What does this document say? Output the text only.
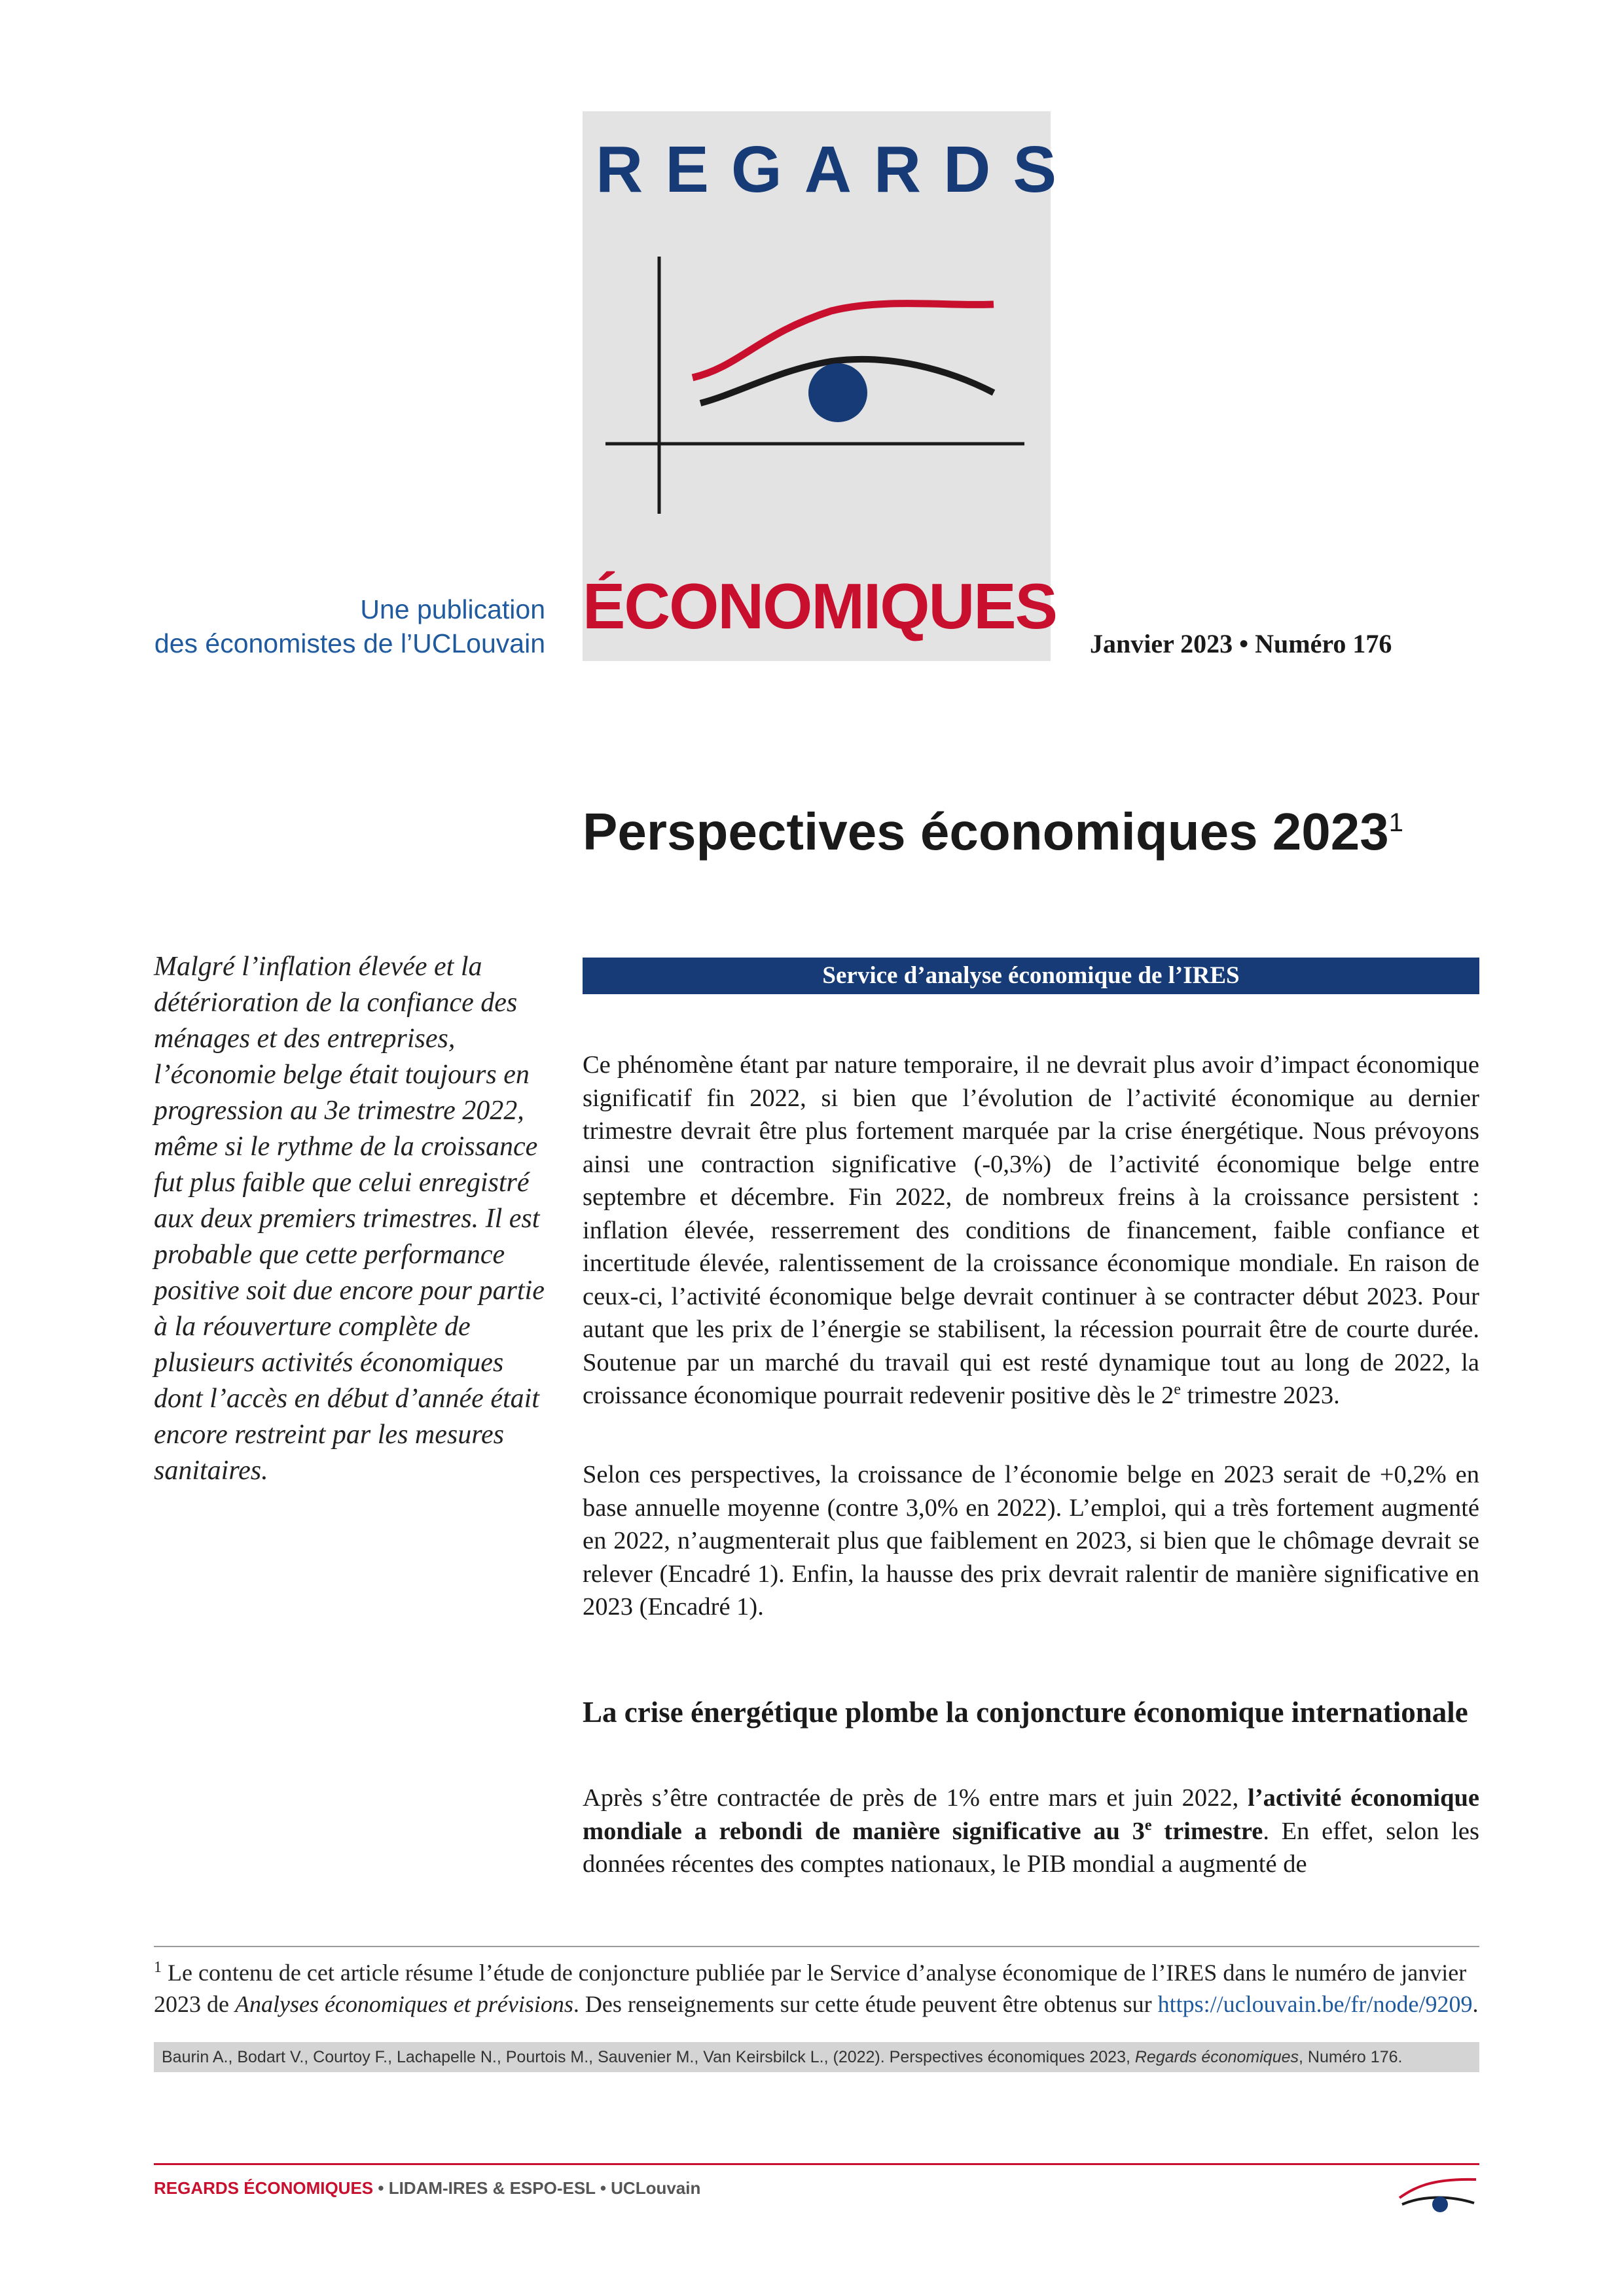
REGARDS
ÉCONOMIQUES
Une publication
des économistes de l’UCLouvain	Janvier 2023 • Numéro 176
Perspectives économiques 2023$^1$
Malgré l’inflation élevée et la détérioration de la confiance des ménages et des entreprises, l’économie belge était toujours en progression au 3e trimestre 2022, même si le rythme de la croissance fut plus faible que celui enregistré aux deux premiers trimestres. Il est probable que cette performance positive soit due encore pour partie à la réouverture complète de plusieurs activités économiques dont l’accès en début d’année était encore restreint par les mesures sanitaires.
Service d’analyse économique de l’IRES

Ce phénomène étant par nature temporaire, il ne devrait plus avoir d’impact économique significatif fin 2022, si bien que l’évolution de l’activité économique au dernier trimestre devrait être plus fortement marquée par la crise énergétique. Nous prévoyons ainsi une contraction significative (-0,3%) de l’activité économique belge entre septembre et décembre. Fin 2022, de nombreux freins à la croissance persistent : inflation élevée, resserrement des conditions de financement, faible confiance et incertitude élevée, ralentissement de la croissance économique mondiale. En raison de ceux-ci, l’activité économique belge devrait continuer à se contracter début 2023. Pour autant que les prix de l’énergie se stabilisent, la récession pourrait être de courte durée. Soutenue par un marché du travail qui est resté dynamique tout au long de 2022, la croissance économique pourrait redevenir positive dès le 2e trimestre 2023.

Selon ces perspectives, la croissance de l’économie belge en 2023 serait de +0,2% en base annuelle moyenne (contre 3,0% en 2022). L’emploi, qui a très fortement augmenté en 2022, n’augmenterait plus que faiblement en 2023, si bien que le chômage devrait se relever (Encadré 1). Enfin, la hausse des prix devrait ralentir de manière significative en 2023 (Encadré 1).

La crise énergétique plombe la conjoncture économique internationale

Après s’être contractée de près de 1% entre mars et juin 2022, l’activité économique mondiale a rebondi de manière significative au 3e trimestre. En effet, selon les données récentes des comptes nationaux, le PIB mondial a augmenté de

$^1$ Le contenu de cet article résume l’étude de conjoncture publiée par le Service d’analyse économique de l’IRES dans le numéro de janvier 2023 de Analyses économiques et prévisions. Des renseignements sur cette étude peuvent être obtenus sur https://uclouvain.be/fr/node/9209.
Baurin A., Bodart V., Courtoy F., Lachapelle N., Pourtois M., Sauvenier M., Van Keirsbilck L., (2022). Perspectives économiques 2023, Regards économiques, Numéro 176.
REGARDS ÉCONOMIQUES • LIDAM-IRES & ESPO-ESL • UCLouvain
